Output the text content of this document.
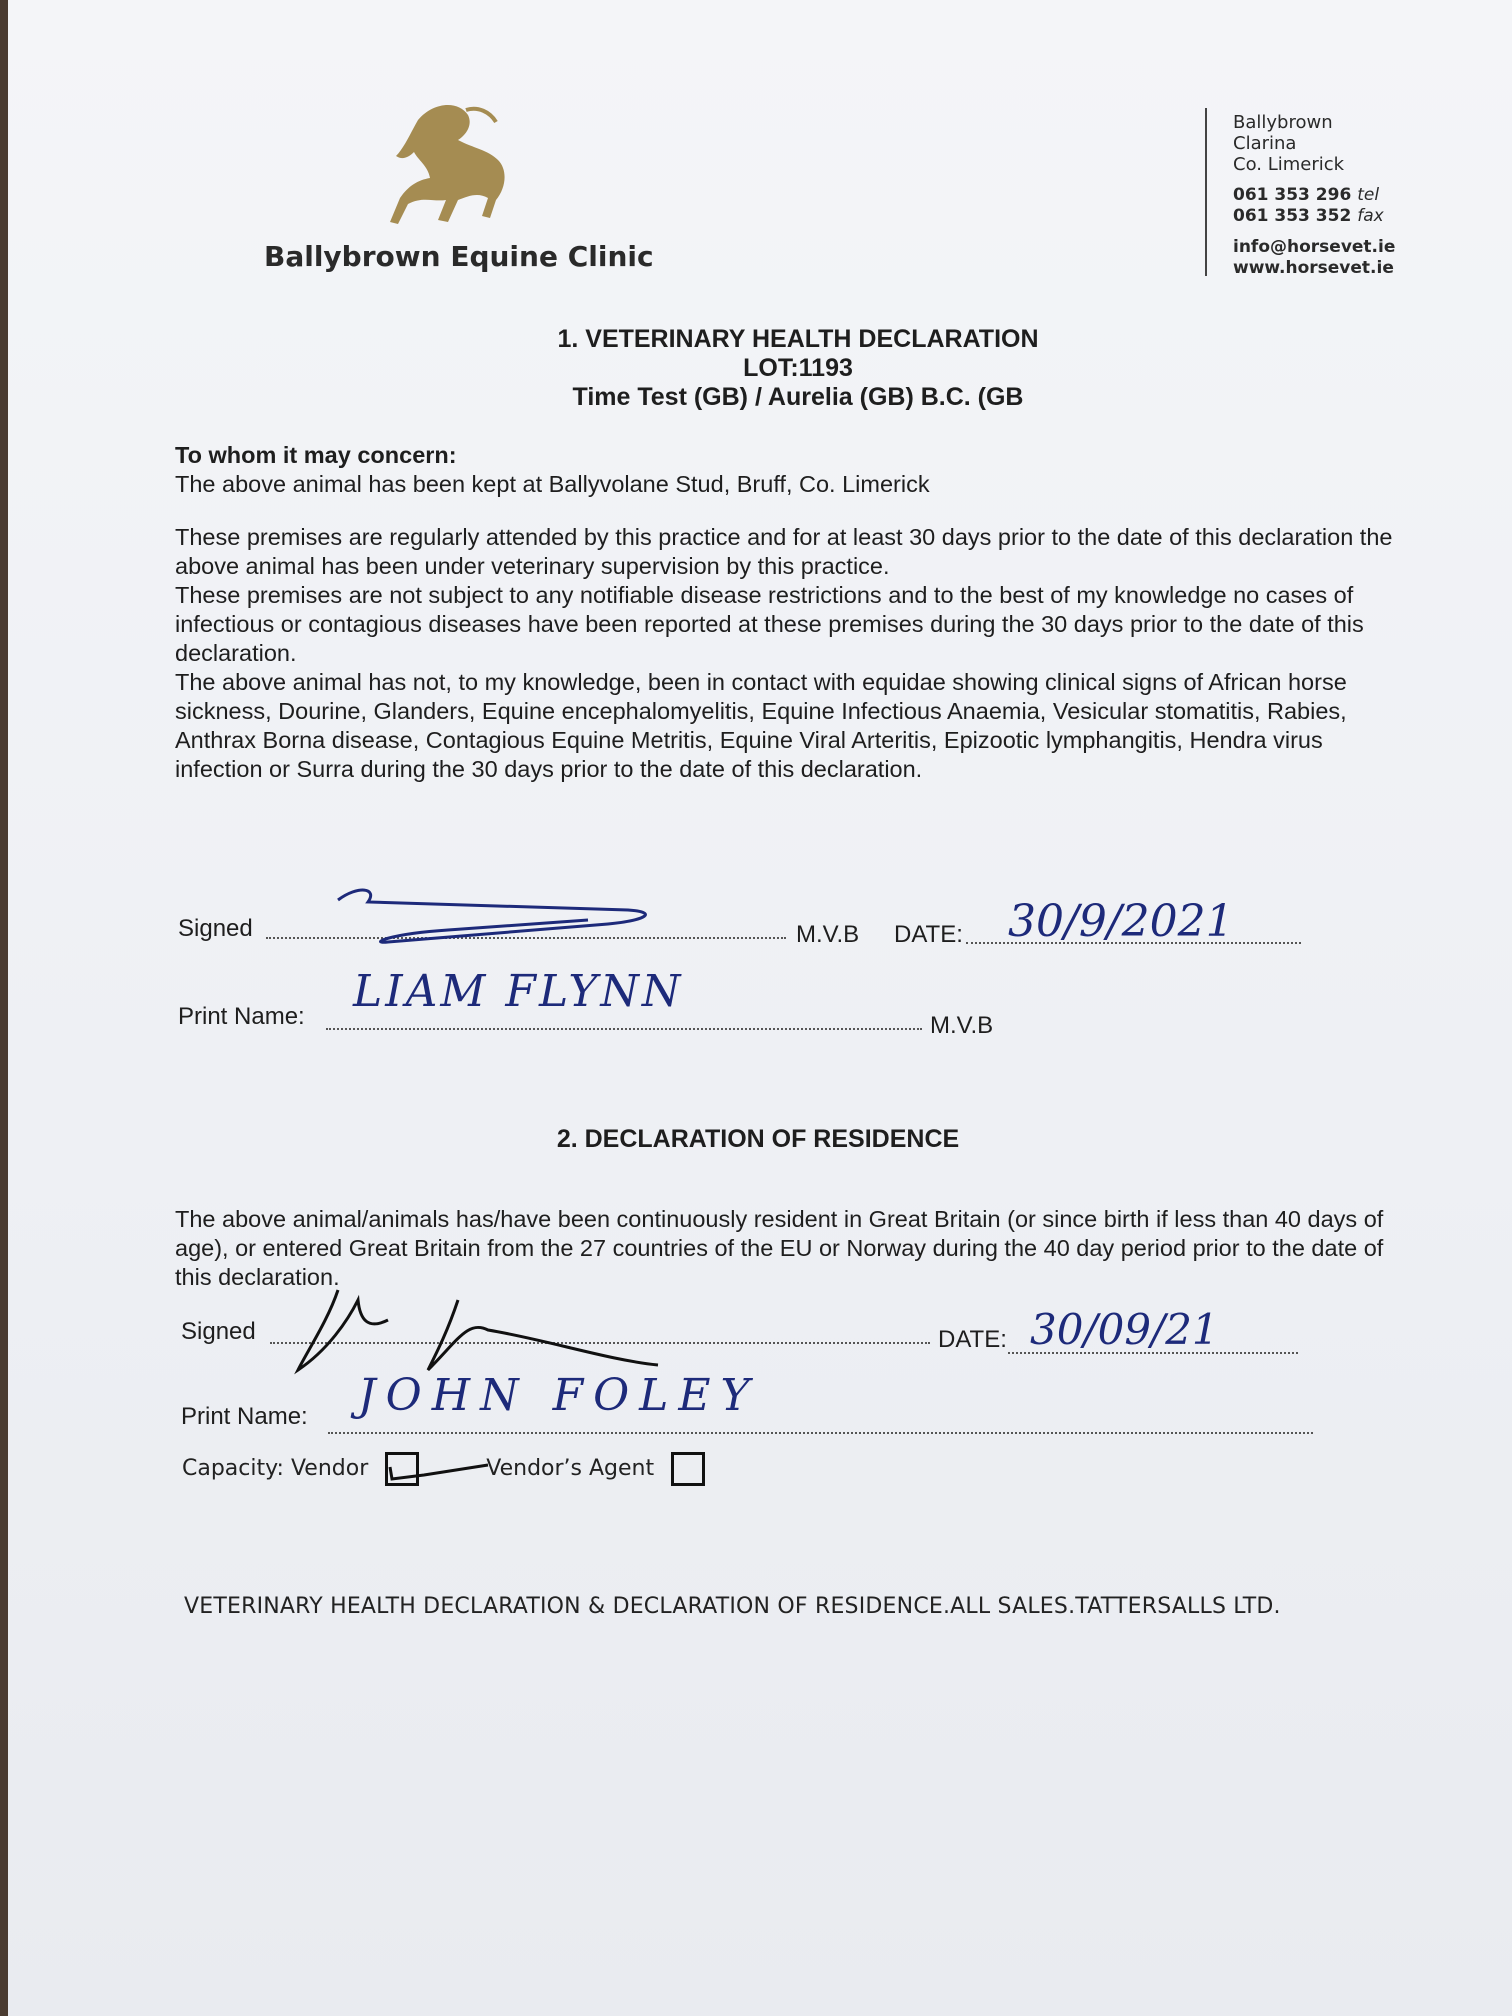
Ballybrown Equine Clinic
Ballybrown
Clarina
Co. Limerick
061 353 296 tel
061 353 352 fax
info@horsevet.ie
www.horsevet.ie
1. VETERINARY HEALTH DECLARATION
LOT:1193
Time Test (GB) / Aurelia (GB) B.C. (GB
To whom it may concern:
The above animal has been kept at Ballyvolane Stud, Bruff, Co. Limerick
These premises are regularly attended by this practice and for at least 30 days prior to the date of this declaration the above animal has been under veterinary supervision by this practice.
These premises are not subject to any notifiable disease restrictions and to the best of my knowledge no cases of infectious or contagious diseases have been reported at these premises during the 30 days prior to the date of this declaration.
The above animal has not, to my knowledge, been in contact with equidae showing clinical signs of African horse sickness, Dourine, Glanders, Equine encephalomyelitis, Equine Infectious Anaemia, Vesicular stomatitis, Rabies, Anthrax Borna disease, Contagious Equine Metritis, Equine Viral Arteritis, Epizootic lymphangitis, Hendra virus infection or Surra during the 30 days prior to the date of this declaration.
Signed	M.V.B DATE: 30/9/2021
Print Name: LIAM FLYNN
M.V.B
2. DECLARATION OF RESIDENCE
The above animal/animals has/have been continuously resident in Great Britain (or since birth if less than 40 days of age), or entered Great Britain from the 27 countries of the EU or Norway during the 40 day period prior to the date of this declaration.
Signed	DATE: 30/09/21
Print Name: JOHN FOLEY
Capacity: Vendor	Vendor’s Agent
VETERINARY HEALTH DECLARATION & DECLARATION OF RESIDENCE.ALL SALES.TATTERSALLS LTD.
